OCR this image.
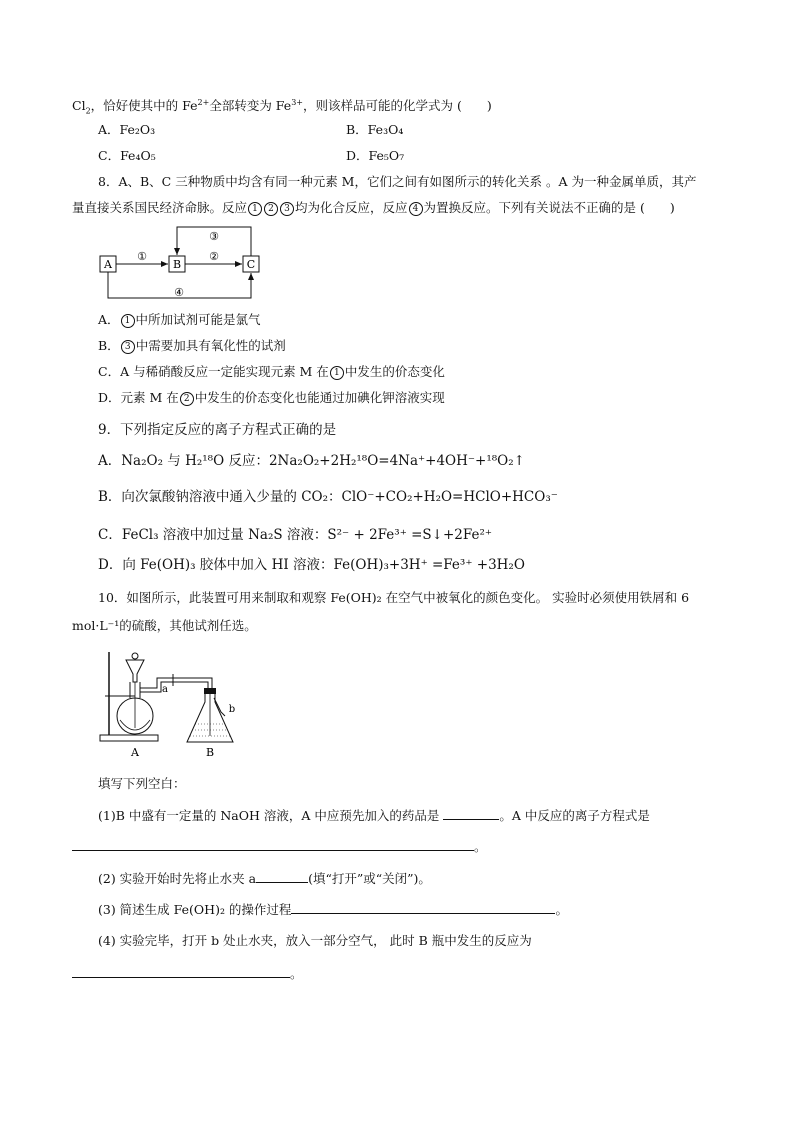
$Cl_2$，恰好使其中的 $Fe^{2+}$全部转变为 $Fe^{3+}$，则该样品可能的化学式为 (　　)
A．Fe₂O₃	B．Fe₃O₄
C．Fe₄O₅	D．Fe₅O₇
8．A、B、C 三种物质中均含有同一种元素 M，它们之间有如图所示的转化关系 。A 为一种金属单质，其产
量直接关系国民经济命脉。反应 1 2 3 均为化合反应，反应 4 为置换反应。下列有关说法不正确的是 (　　)
A	B	C
①	②
③
④
A． 1 中所加试剂可能是氯气
B． 3 中需要加具有氧化性的试剂
C．A 与稀硝酸反应一定能实现元素 M 在 1 中发生的价态变化
D．元素 M 在 2 中发生的价态变化也能通过加碘化钾溶液实现
9．下列指定反应的离子方程式正确的是
A．Na₂O₂ 与 H₂¹⁸O 反应：2Na₂O₂+2H₂¹⁸O=4Na⁺+4OH⁻+¹⁸O₂↑
B．向次氯酸钠溶液中通入少量的 CO₂：ClO⁻+CO₂+H₂O=HClO+HCO₃⁻
C．FeCl₃ 溶液中加过量 Na₂S 溶液：S²⁻ + 2Fe³⁺ =S↓+2Fe²⁺
D．向 Fe(OH)₃ 胶体中加入 HI 溶液：Fe(OH)₃+3H⁺ =Fe³⁺ +3H₂O
10．如图所示，此装置可用来制取和观察 Fe(OH)₂ 在空气中被氧化的颜色变化。 实验时必须使用铁屑和 6
mol·L⁻¹的硫酸，其他试剂任选。
a
b
A	B
填写下列空白：
(1)B 中盛有一定量的 NaOH 溶液，A 中应预先加入的药品是	。A 中反应的离子方程式是
。
(2) 实验开始时先将止水夹 a	(填“打开”或“关闭”)。
(3) 简述生成 Fe(OH)₂ 的操作过程	。
(4) 实验完毕，打开 b 处止水夹，放入一部分空气， 此时 B 瓶中发生的反应为
。
